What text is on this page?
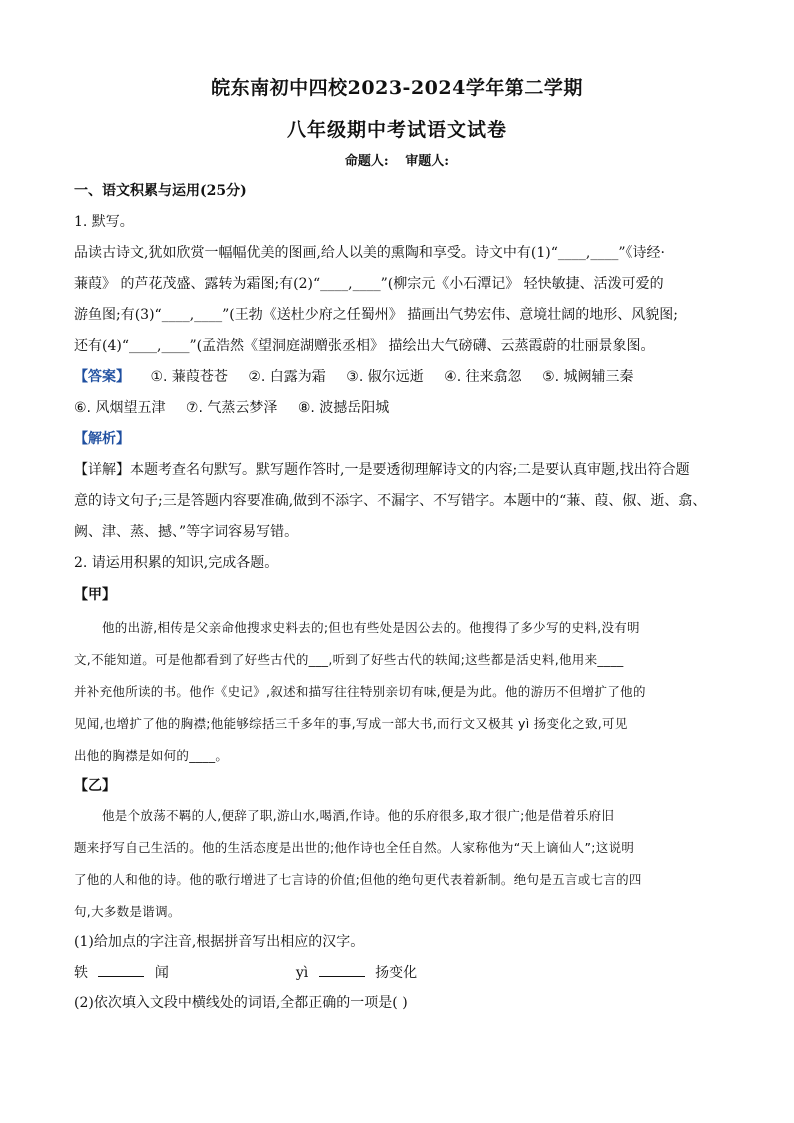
皖东南初中四校2023-2024学年第二学期
八年级期中考试语文试卷
命题人: 审题人:
一、语文积累与运用(25分)
1. 默写。
品读古诗文,犹如欣赏一幅幅优美的图画,给人以美的熏陶和享受。诗文中有(1)“____,____”《诗经·
蒹葭》 的芦花茂盛、露转为霜图;有(2)“____,____”(柳宗元《小石潭记》 轻快敏捷、活泼可爱的
游鱼图;有(3)“____,____”(王勃《送杜少府之任蜀州》 描画出气势宏伟、意境壮阔的地形、风貌图;
还有(4)“____,____”(孟浩然《望洞庭湖赠张丞相》 描绘出大气磅礴、云蒸霞蔚的壮丽景象图。
【答案】 ①. 蒹葭苍苍 ②. 白露为霜 ③. 俶尔远逝 ④. 往来翕忽 ⑤. 城阙辅三秦
⑥. 风烟望五津 ⑦. 气蒸云梦泽 ⑧. 波撼岳阳城
【解析】
【详解】本题考查名句默写。默写题作答时,一是要透彻理解诗文的内容;二是要认真审题,找出符合题
意的诗文句子;三是答题内容要准确,做到不添字、不漏字、不写错字。本题中的“蒹、葭、俶、逝、翕、
阙、津、蒸、撼、”等字词容易写错。
2. 请运用积累的知识,完成各题。
【甲】
他的出游,相传是父亲命他搜求史料去的;但也有些处是因公去的。他搜得了多少写的史料,没有明
文,不能知道。可是他都看到了好些古代的___,听到了好些古代的轶闻;这些都是活史料,他用来____
并补充他所读的书。他作《史记》,叙述和描写往往特别亲切有味,便是为此。他的游历不但增扩了他的
见闻,也增扩了他的胸襟;他能够综括三千多年的事,写成一部大书,而行文又极其 yì 扬变化之致,可见
出他的胸襟是如何的____。
【乙】
他是个放荡不羁的人,便辞了职,游山水,喝酒,作诗。他的乐府很多,取才很广;他是借着乐府旧
题来抒写自己生活的。他的生活态度是出世的;他作诗也全任自然。人家称他为“天上谪仙人”;这说明
了他的人和他的诗。他的歌行增进了七言诗的价值;但他的绝句更代表着新制。绝句是五言或七言的四
句,大多数是谐调。
(1)给加点的字注音,根据拼音写出相应的汉字。
轶	闻	yì	扬变化
(2)依次填入文段中横线处的词语,全都正确的一项是( )
